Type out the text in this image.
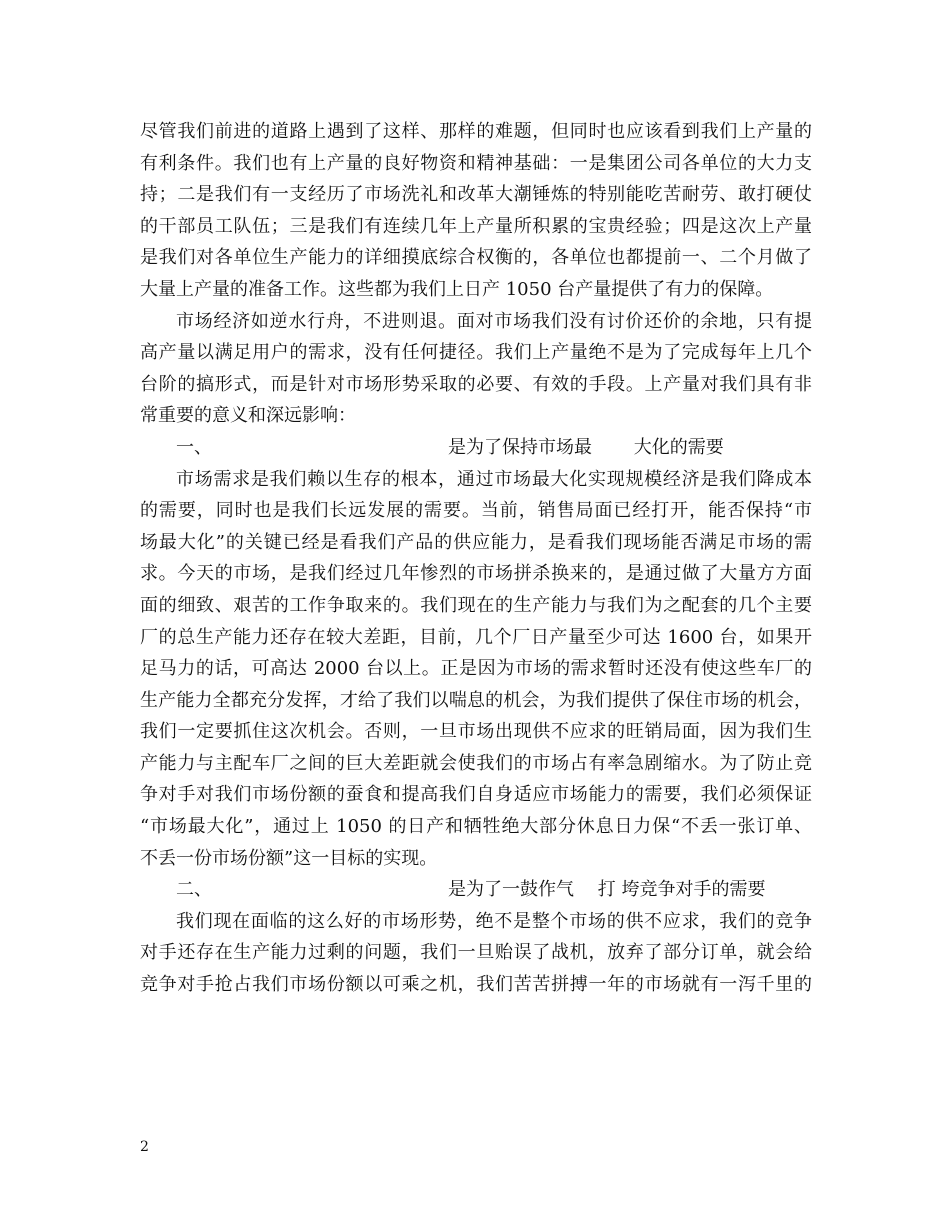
尽管我们前进的道路上遇到了这样、那样的难题，但同时也应该看到我们上产量的
有利条件。我们也有上产量的良好物资和精神基础：一是集团公司各单位的大力支
持；二是我们有一支经历了市场洗礼和改革大潮锤炼的特别能吃苦耐劳、敢打硬仗
的干部员工队伍；三是我们有连续几年上产量所积累的宝贵经验；四是这次上产量
是我们对各单位生产能力的详细摸底综合权衡的，各单位也都提前一、二个月做了
大量上产量的准备工作。这些都为我们上日产 1050 台产量提供了有力的保障。
市场经济如逆水行舟，不进则退。面对市场我们没有讨价还价的余地，只有提
高产量以满足用户的需求，没有任何捷径。我们上产量绝不是为了完成每年上几个
台阶的搞形式，而是针对市场形势采取的必要、有效的手段。上产量对我们具有非
常重要的意义和深远影响：
一、	是为了保持市场最　　 大化的需要
市场需求是我们赖以生存的根本，通过市场最大化实现规模经济是我们降成本
的需要，同时也是我们长远发展的需要。当前，销售局面已经打开，能否保持“市
场最大化”的关键已经是看我们产品的供应能力，是看我们现场能否满足市场的需
求。今天的市场，是我们经过几年惨烈的市场拼杀换来的，是通过做了大量方方面
面的细致、艰苦的工作争取来的。我们现在的生产能力与我们为之配套的几个主要
厂的总生产能力还存在较大差距，目前，几个厂日产量至少可达 1600 台，如果开
足马力的话，可高达 2000 台以上。正是因为市场的需求暂时还没有使这些车厂的
生产能力全都充分发挥，才给了我们以喘息的机会，为我们提供了保住市场的机会，
我们一定要抓住这次机会。否则，一旦市场出现供不应求的旺销局面，因为我们生
产能力与主配车厂之间的巨大差距就会使我们的市场占有率急剧缩水。为了防止竞
争对手对我们市场份额的蚕食和提高我们自身适应市场能力的需要，我们必须保证
“市场最大化”，通过上 1050 的日产和牺牲绝大部分休息日力保“不丢一张订单、
不丢一份市场份额”这一目标的实现。
二、	是为了一鼓作气　 打 垮竞争对手的需要
我们现在面临的这么好的市场形势，绝不是整个市场的供不应求，我们的竞争
对手还存在生产能力过剩的问题，我们一旦贻误了战机，放弃了部分订单，就会给
竞争对手抢占我们市场份额以可乘之机，我们苦苦拼搏一年的市场就有一泻千里的
2
